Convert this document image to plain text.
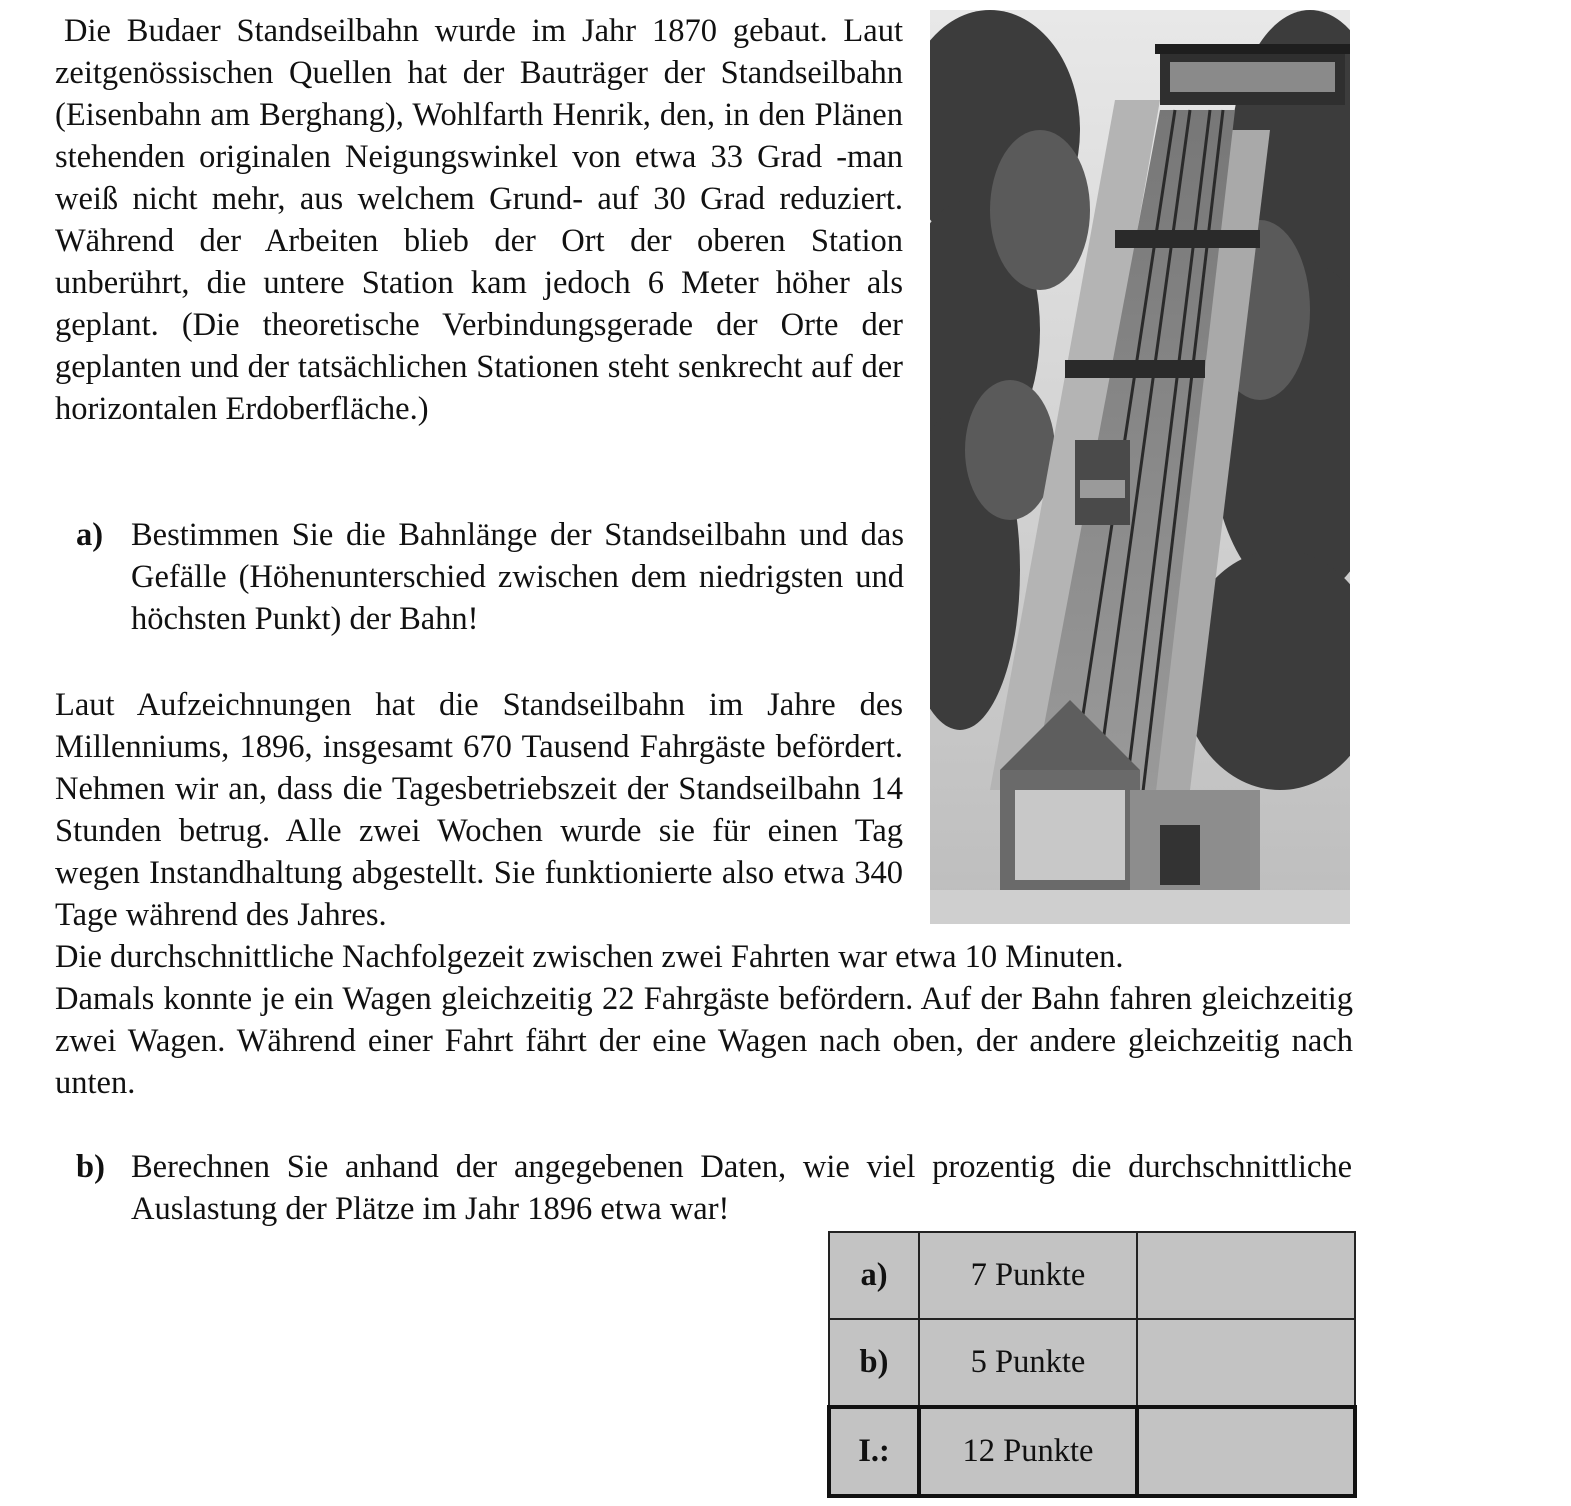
Die Budaer Standseilbahn wurde im Jahr 1870 gebaut. Laut zeitgenössischen Quellen hat der Bauträger der Standseilbahn (Eisenbahn am Berghang), Wohlfarth Henrik, den, in den Plänen stehenden originalen Neigungswinkel von etwa 33 Grad -man weiß nicht mehr, aus welchem Grund- auf 30 Grad reduziert. Während der Arbeiten blieb der Ort der oberen Station unberührt, die untere Station kam jedoch 6 Meter höher als geplant. (Die theoretische Verbindungsgerade der Orte der geplanten und der tatsächlichen Stationen steht senkrecht auf der horizontalen Erdoberfläche.)
a) Bestimmen Sie die Bahnlänge der Standseilbahn und das Gefälle (Höhenunterschied zwischen dem niedrigsten und höchsten Punkt) der Bahn!
Laut Aufzeichnungen hat die Standseilbahn im Jahre des Millenniums, 1896, insgesamt 670 Tausend Fahrgäste befördert. Nehmen wir an, dass die Tagesbetriebszeit der Standseilbahn 14 Stunden betrug. Alle zwei Wochen wurde sie für einen Tag wegen Instandhaltung abgestellt. Sie funktionierte also etwa 340 Tage während des Jahres.
Die durchschnittliche Nachfolgezeit zwischen zwei Fahrten war etwa 10 Minuten.
Damals konnte je ein Wagen gleichzeitig 22 Fahrgäste befördern. Auf der Bahn fahren gleichzeitig zwei Wagen. Während einer Fahrt fährt der eine Wagen nach oben, der andere gleichzeitig nach unten.
b) Berechnen Sie anhand der angegebenen Daten, wie viel prozentig die durchschnittliche Auslastung der Plätze im Jahr 1896 etwa war!
a)	7 Punkte	
b)	5 Punkte	
I.:	12 Punkte	
